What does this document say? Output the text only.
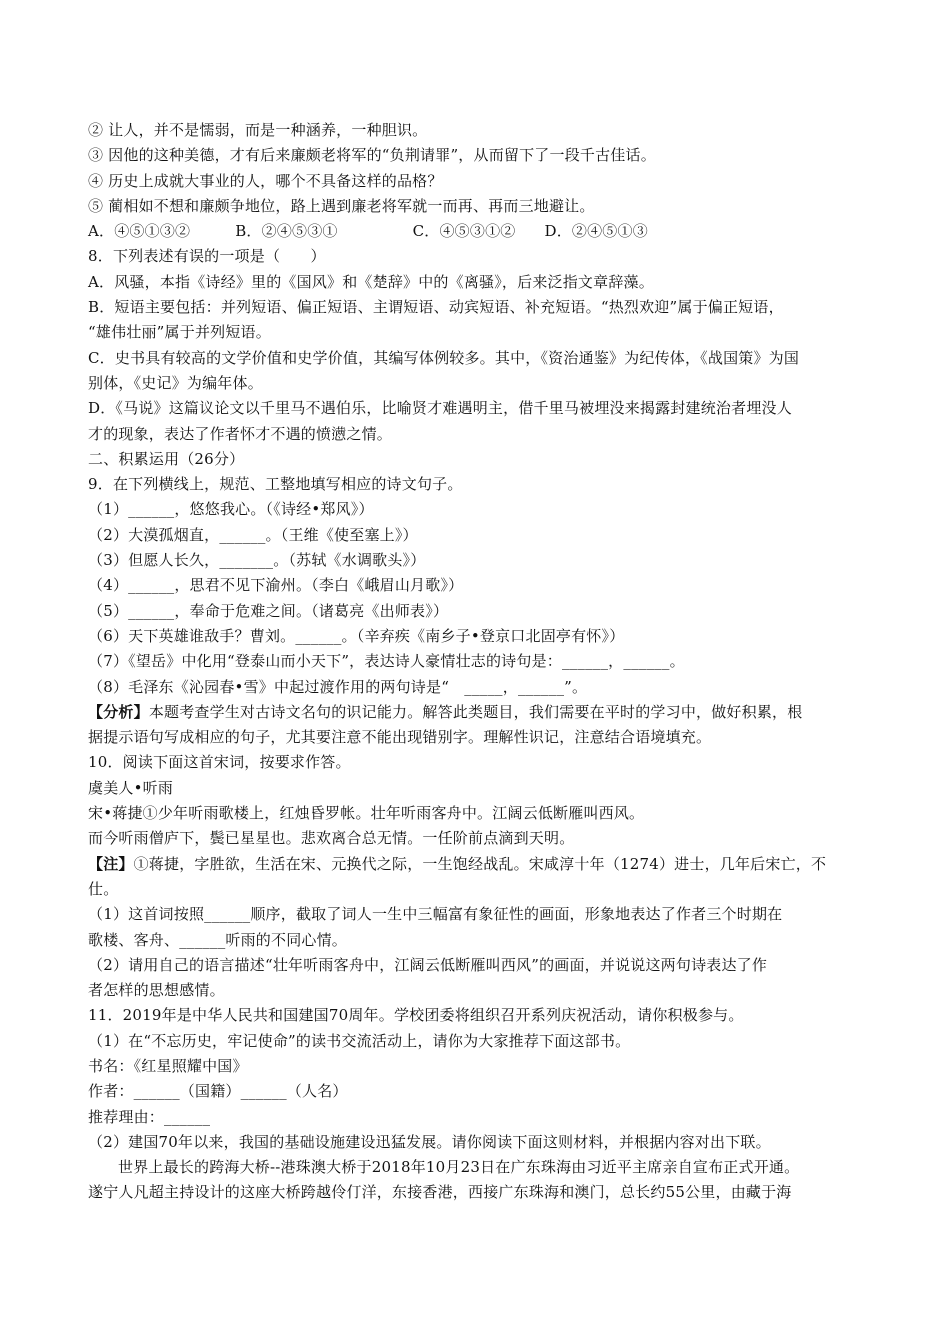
② 让人，并不是懦弱，而是一种涵养，一种胆识。
③ 因他的这种美德，才有后来廉颇老将军的“负荆请罪”，从而留下了一段千古佳话。
④ 历史上成就大事业的人，哪个不具备这样的品格？
⑤ 蔺相如不想和廉颇争地位，路上遇到廉老将军就一而再、再而三地避让。
A．④⑤①③②	B．②④⑤③①	C．④⑤③①② D．②④⑤①③
8．下列表述有误的一项是（　　）
A．风骚，本指《诗经》里的《国风》和《楚辞》中的《离骚》，后来泛指文章辞藻。
B．短语主要包括：并列短语、偏正短语、主谓短语、动宾短语、补充短语。“热烈欢迎”属于偏正短语，
“雄伟壮丽”属于并列短语。
C．史书具有较高的文学价值和史学价值，其编写体例较多。其中，《资治通鉴》为纪传体，《战国策》为国
别体，《史记》为编年体。
D．《马说》这篇议论文以千里马不遇伯乐，比喻贤才难遇明主，借千里马被埋没来揭露封建统治者埋没人
才的现象，表达了作者怀才不遇的愤懑之情。
二、积累运用（26分）
9．在下列横线上，规范、工整地填写相应的诗文句子。
（1）______，悠悠我心。（《诗经•郑风》）
（2）大漠孤烟直，______。（王维《使至塞上》）
（3）但愿人长久，_______。（苏轼《水调歌头》）
（4）______，思君不见下渝州。（李白《峨眉山月歌》）
（5）______，奉命于危难之间。（诸葛亮《出师表》）
（6）天下英雄谁敌手？曹刘。______。（辛弃疾《南乡子•登京口北固亭有怀》）
（7）《望岳》中化用“登泰山而小天下”，表达诗人豪情壮志的诗句是：______，______。
（8）毛泽东《沁园春•雪》中起过渡作用的两句诗是“　_____，______”。
【分析】本题考查学生对古诗文名句的识记能力。解答此类题目，我们需要在平时的学习中，做好积累，根
据提示语句写成相应的句子，尤其要注意不能出现错别字。理解性识记，注意结合语境填充。
10．阅读下面这首宋词，按要求作答。
虞美人•听雨
宋•蒋捷①少年听雨歌楼上，红烛昏罗帐。壮年听雨客舟中。江阔云低断雁叫西风。
而今听雨僧庐下，鬓已星星也。悲欢离合总无情。一任阶前点滴到天明。
【注】①蒋捷，字胜欲，生活在宋、元换代之际，一生饱经战乱。宋咸淳十年（1274）进士，几年后宋亡，不
仕。
（1）这首词按照______顺序，截取了词人一生中三幅富有象征性的画面，形象地表达了作者三个时期在
歌楼、客舟、______听雨的不同心情。
（2）请用自己的语言描述“壮年听雨客舟中，江阔云低断雁叫西风”的画面，并说说这两句诗表达了作
者怎样的思想感情。
11．2019年是中华人民共和国建国70周年。学校团委将组织召开系列庆祝活动，请你积极参与。
（1）在“不忘历史，牢记使命”的读书交流活动上，请你为大家推荐下面这部书。
书名：《红星照耀中国》
作者：______（国籍）______（人名）
推荐理由：______
（2）建国70年以来，我国的基础设施建设迅猛发展。请你阅读下面这则材料，并根据内容对出下联。
世界上最长的跨海大桥--港珠澳大桥于2018年10月23日在广东珠海由习近平主席亲自宣布正式开通。
遂宁人凡超主持设计的这座大桥跨越伶仃洋，东接香港，西接广东珠海和澳门，总长约55公里，由藏于海
